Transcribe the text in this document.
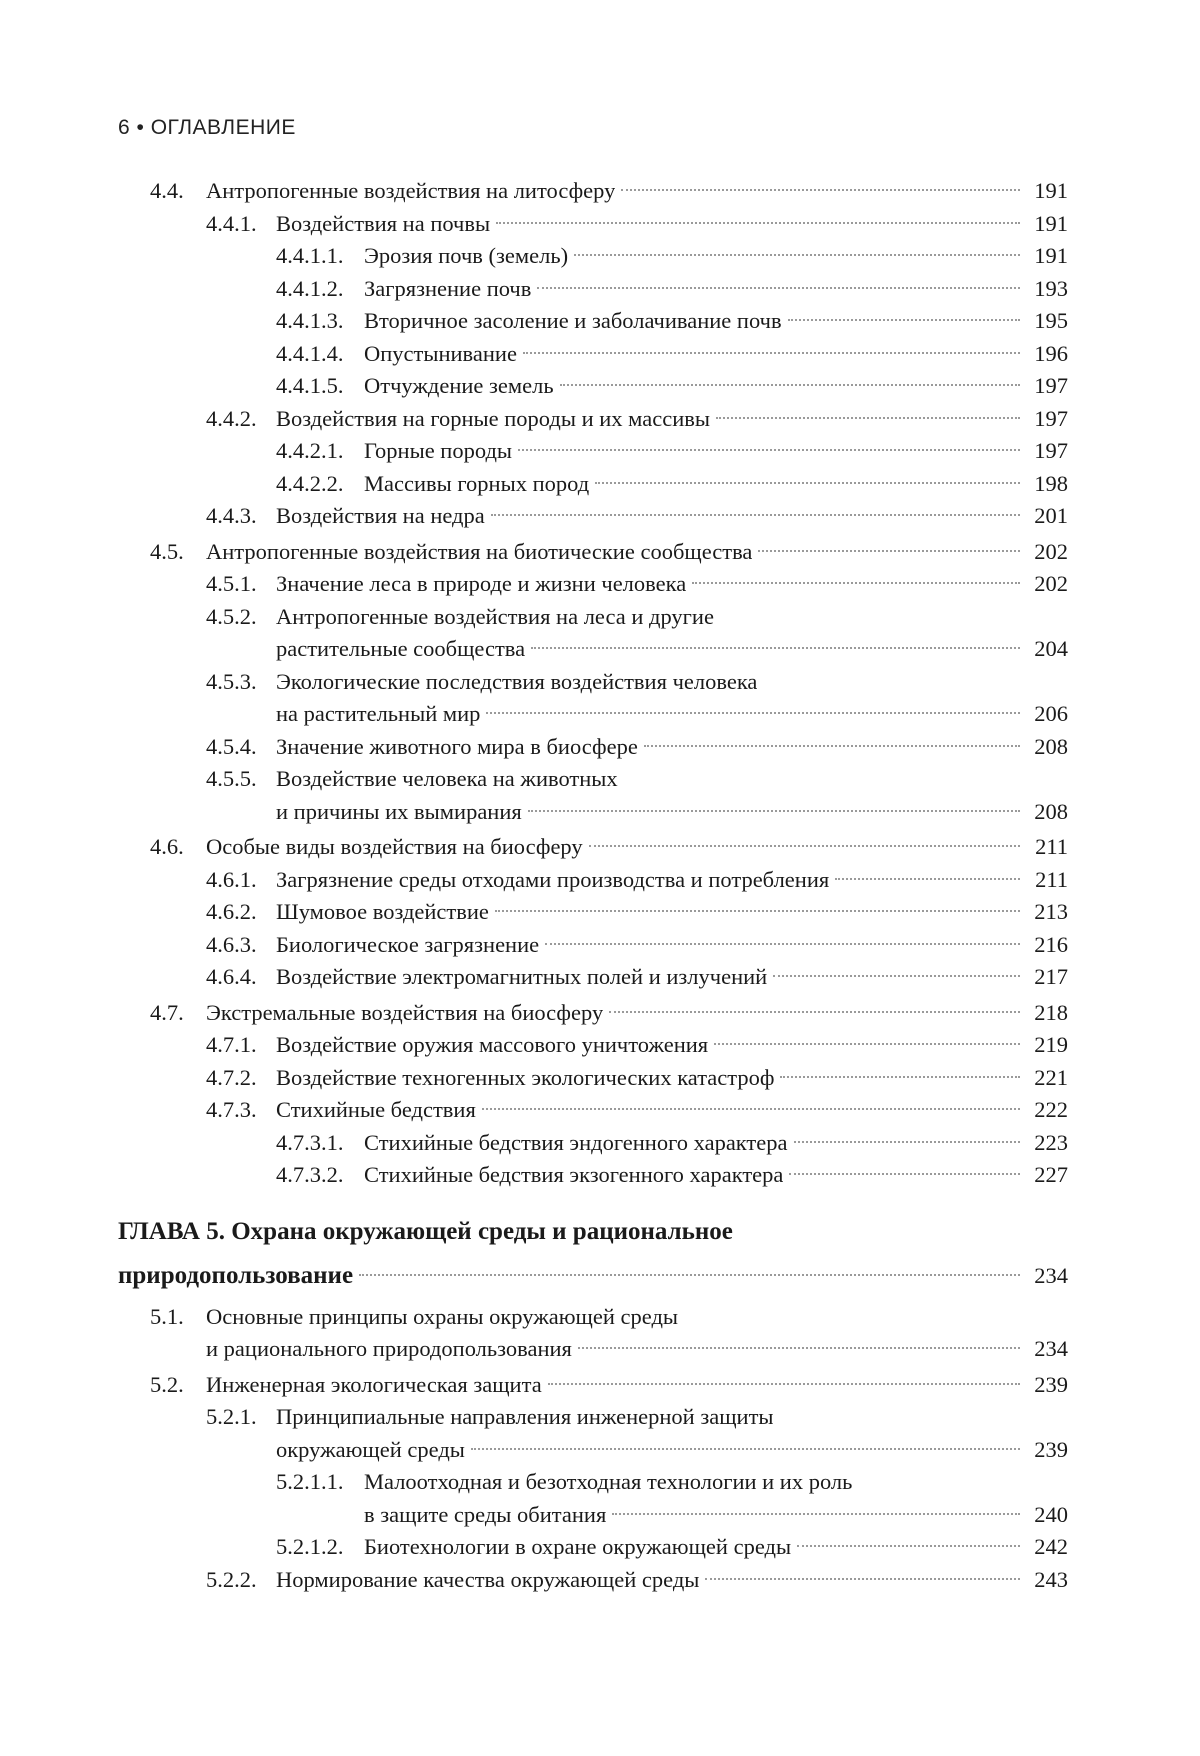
6 • ОГЛАВЛЕНИЕ
4.4. Антропогенные воздействия на литосферу	191
4.4.1. Воздействия на почвы	191
4.4.1.1. Эрозия почв (земель)	191
4.4.1.2. Загрязнение почв	193
4.4.1.3. Вторичное засоление и заболачивание почв	195
4.4.1.4. Опустынивание	196
4.4.1.5. Отчуждение земель	197
4.4.2. Воздействия на горные породы и их массивы	197
4.4.2.1. Горные породы	197
4.4.2.2. Массивы горных пород	198
4.4.3. Воздействия на недра	201
4.5. Антропогенные воздействия на биотические сообщества	202
4.5.1. Значение леса в природе и жизни человека	202
4.5.2. Антропогенные воздействия на леса и другие
растительные сообщества	204
4.5.3. Экологические последствия воздействия человека
на растительный мир	206
4.5.4. Значение животного мира в биосфере	208
4.5.5. Воздействие человека на животных
и причины их вымирания	208
4.6. Особые виды воздействия на биосферу	211
4.6.1. Загрязнение среды отходами производства и потребления	211
4.6.2. Шумовое воздействие	213
4.6.3. Биологическое загрязнение	216
4.6.4. Воздействие электромагнитных полей и излучений	217
4.7. Экстремальные воздействия на биосферу	218
4.7.1. Воздействие оружия массового уничтожения	219
4.7.2. Воздействие техногенных экологических катастроф	221
4.7.3. Стихийные бедствия	222
4.7.3.1. Стихийные бедствия эндогенного характера	223
4.7.3.2. Стихийные бедствия экзогенного характера	227
ГЛАВА 5. Охрана окружающей среды и рациональное
природопользование	234
5.1. Основные принципы охраны окружающей среды
и рационального природопользования	234
5.2. Инженерная экологическая защита	239
5.2.1. Принципиальные направления инженерной защиты
окружающей среды	239
5.2.1.1. Малоотходная и безотходная технологии и их роль
в защите среды обитания	240
5.2.1.2. Биотехнологии в охране окружающей среды	242
5.2.2. Нормирование качества окружающей среды	243
